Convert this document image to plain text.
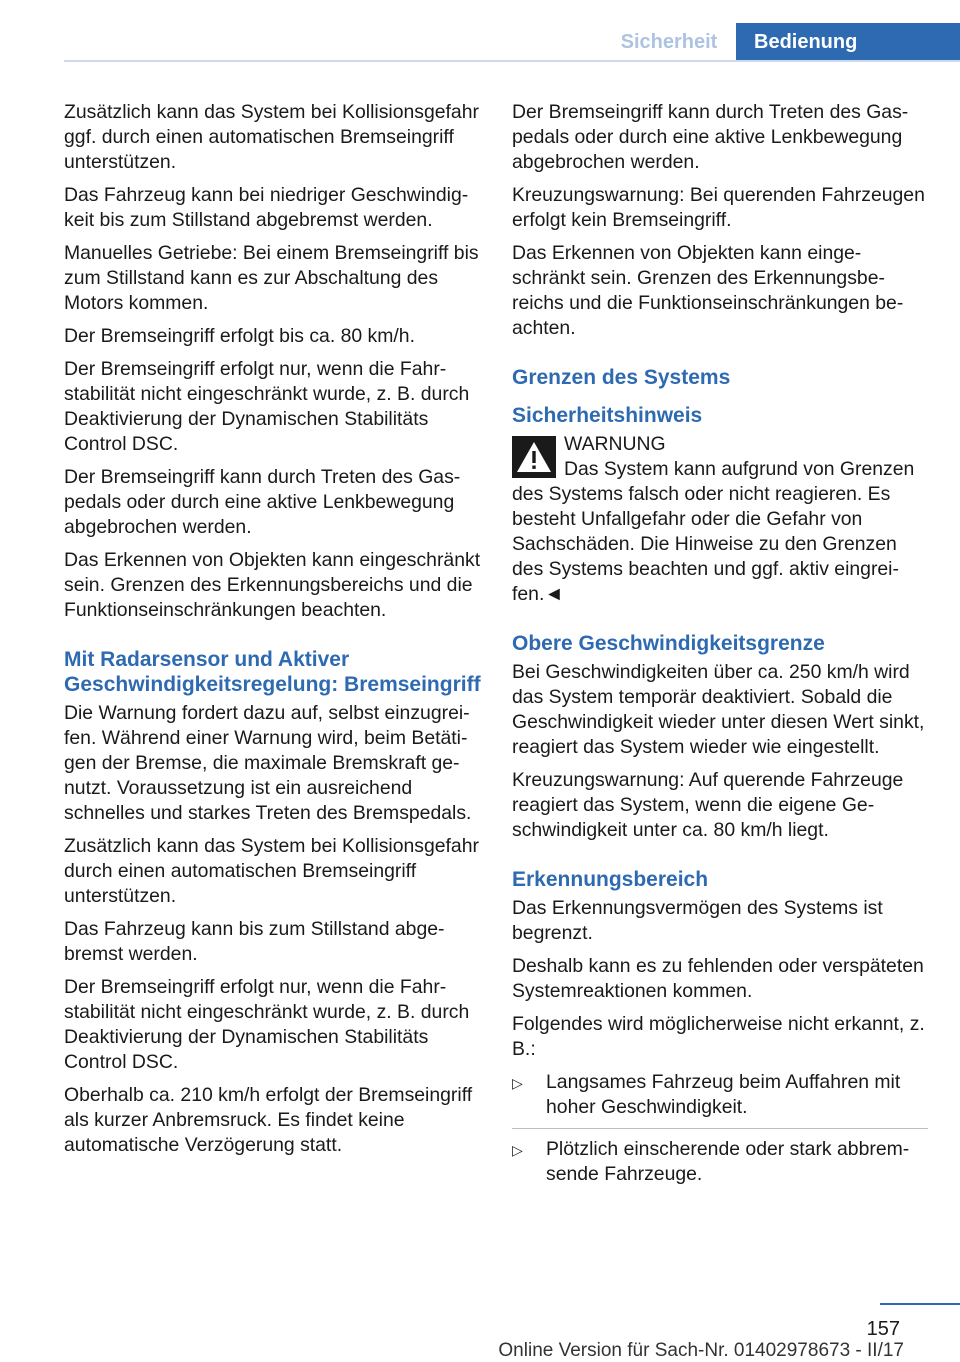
Sicherheit	Bedienung

Zusätzlich kann das System bei Kollisionsgefahr ggf. durch einen automatischen Bremseingriff unterstützen.

Das Fahrzeug kann bei niedriger Geschwindigkeit bis zum Stillstand abgebremst werden.

Manuelles Getriebe: Bei einem Bremseingriff bis zum Stillstand kann es zur Abschaltung des Motors kommen.

Der Bremseingriff erfolgt bis ca. 80 km/h.

Der Bremseingriff erfolgt nur, wenn die Fahrstabilität nicht eingeschränkt wurde, z. B. durch Deaktivierung der Dynamischen Stabilitäts Control DSC.

Der Bremseingriff kann durch Treten des Gaspedals oder durch eine aktive Lenkbewegung abgebrochen werden.

Das Erkennen von Objekten kann eingeschränkt sein. Grenzen des Erkennungsbereichs und die Funktionseinschränkungen beachten.

Mit Radarsensor und Aktiver Geschwindigkeitsregelung: Bremseingriff

Die Warnung fordert dazu auf, selbst einzugreifen. Während einer Warnung wird, beim Betätigen der Bremse, die maximale Bremskraft genutzt. Voraussetzung ist ein ausreichend schnelles und starkes Treten des Bremspedals.

Zusätzlich kann das System bei Kollisionsgefahr durch einen automatischen Bremseingriff unterstützen.

Das Fahrzeug kann bis zum Stillstand abgebremst werden.

Der Bremseingriff erfolgt nur, wenn die Fahrstabilität nicht eingeschränkt wurde, z. B. durch Deaktivierung der Dynamischen Stabilitäts Control DSC.

Oberhalb ca. 210 km/h erfolgt der Bremseingriff als kurzer Anbremsruck. Es findet keine automatische Verzögerung statt.

Der Bremseingriff kann durch Treten des Gaspedals oder durch eine aktive Lenkbewegung abgebrochen werden.

Kreuzungswarnung: Bei querenden Fahrzeugen erfolgt kein Bremseingriff.

Das Erkennen von Objekten kann eingeschränkt sein. Grenzen des Erkennungsbereichs und die Funktionseinschränkungen beachten.

Grenzen des Systems
Sicherheitshinweis
WARNUNG
Das System kann aufgrund von Grenzen
des Systems falsch oder nicht reagieren. Es besteht Unfallgefahr oder die Gefahr von Sachschäden. Die Hinweise zu den Grenzen des Systems beachten und ggf. aktiv eingreifen.◄
Obere Geschwindigkeitsgrenze

Bei Geschwindigkeiten über ca. 250 km/h wird das System temporär deaktiviert. Sobald die Geschwindigkeit wieder unter diesen Wert sinkt, reagiert das System wieder wie eingestellt.

Kreuzungswarnung: Auf querende Fahrzeuge reagiert das System, wenn die eigene Geschwindigkeit unter ca. 80 km/h liegt.

Erkennungsbereich

Das Erkennungsvermögen des Systems ist begrenzt.

Deshalb kann es zu fehlenden oder verspäteten Systemreaktionen kommen.

Folgendes wird möglicherweise nicht erkannt, z. B.:

▷ Langsames Fahrzeug beim Auffahren mit hoher Geschwindigkeit.
▷ Plötzlich einscherende oder stark abbremsende Fahrzeuge.
157
Online Version für Sach-Nr. 01402978673 - II/17
